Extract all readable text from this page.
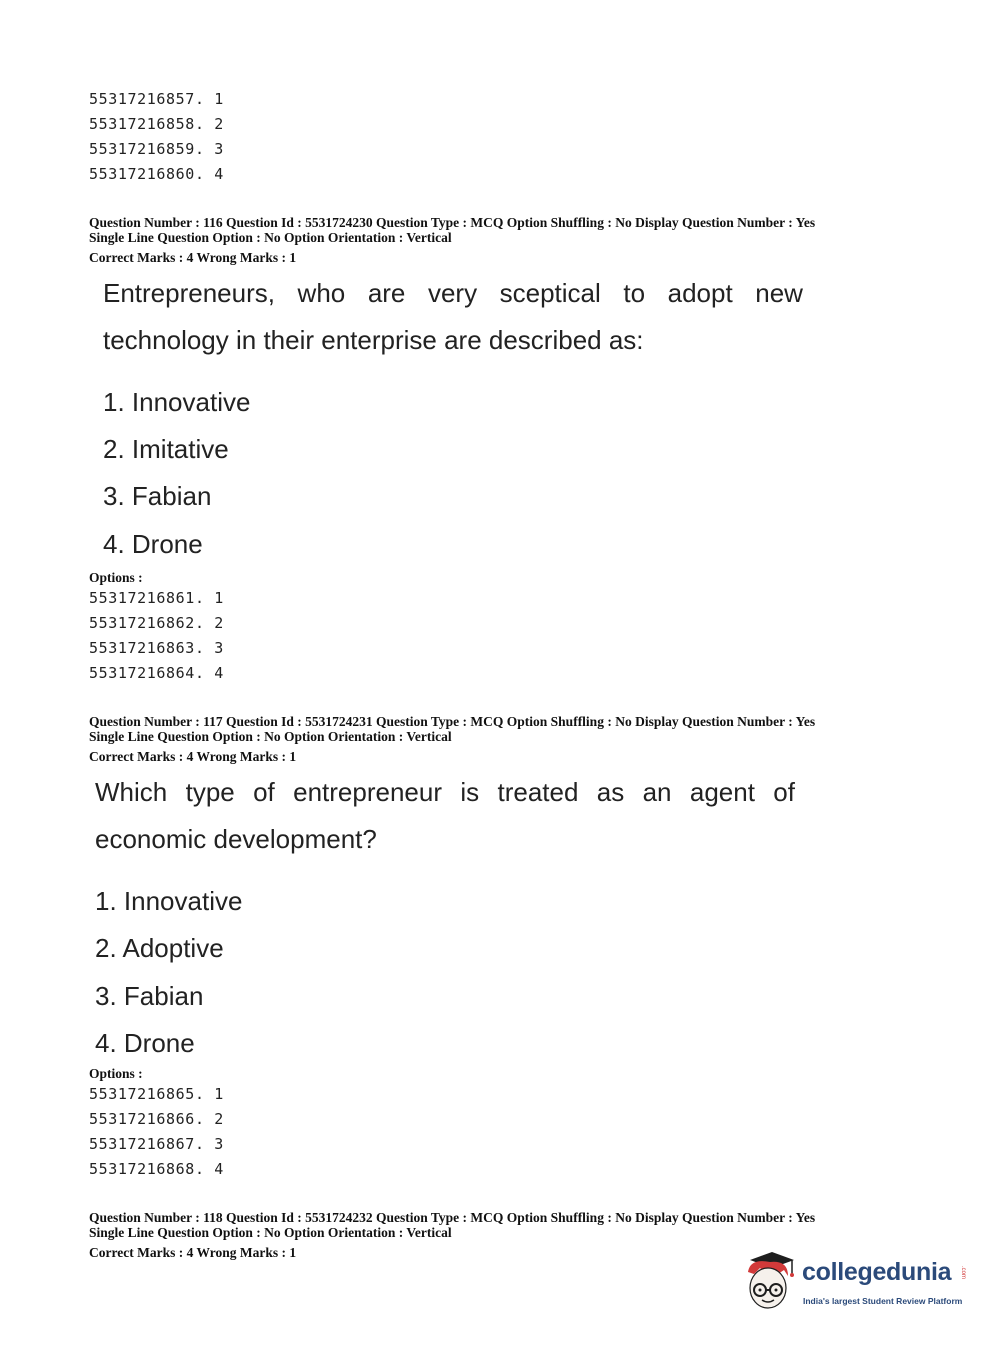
55317216857. 1
55317216858. 2
55317216859. 3
55317216860. 4
Question Number : 116 Question Id : 5531724230 Question Type : MCQ Option Shuffling : No Display Question Number : Yes
Single Line Question Option : No Option Orientation : Vertical
Correct Marks : 4 Wrong Marks : 1
Entrepreneurs, who are very sceptical to adopt new
technology in their enterprise are described as:
1. Innovative
2. Imitative
3. Fabian
4. Drone
Options :
55317216861. 1
55317216862. 2
55317216863. 3
55317216864. 4
Question Number : 117 Question Id : 5531724231 Question Type : MCQ Option Shuffling : No Display Question Number : Yes
Single Line Question Option : No Option Orientation : Vertical
Correct Marks : 4 Wrong Marks : 1
Which type of entrepreneur is treated as an agent of
economic development?
1. Innovative
2. Adoptive
3. Fabian
4. Drone
Options :
55317216865. 1
55317216866. 2
55317216867. 3
55317216868. 4
Question Number : 118 Question Id : 5531724232 Question Type : MCQ Option Shuffling : No Display Question Number : Yes
Single Line Question Option : No Option Orientation : Vertical
Correct Marks : 4 Wrong Marks : 1
collegedunia .com
India's largest Student Review Platform
